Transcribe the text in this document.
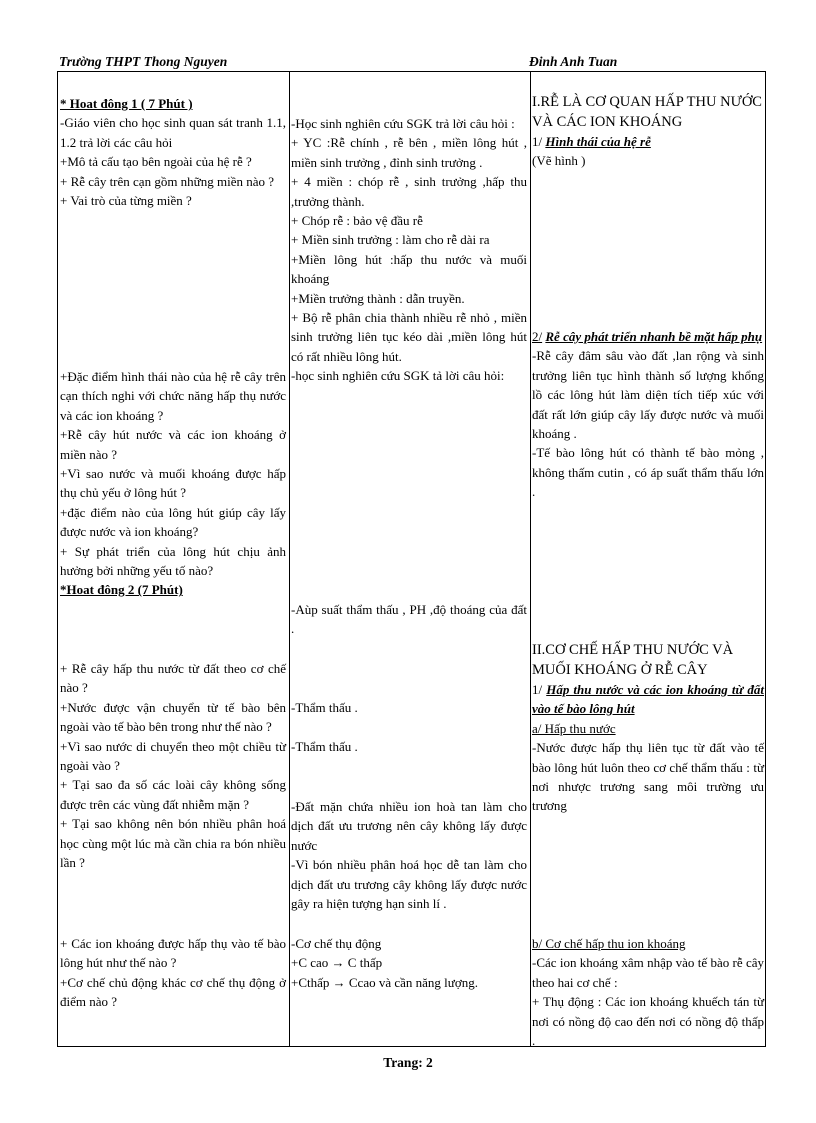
Trường THPT Thong Nguyen	Đinh Anh Tuan

* Hoat đông 1 ( 7 Phút )

-Giáo viên cho học sinh quan sát tranh 1.1, 1.2 trả lời các câu hỏi

+Mô tả cấu tạo bên ngoài của hệ rễ ?

+ Rễ cây trên cạn gồm những miền nào ?

+ Vai trò của từng miền ?

+Đặc điểm hình thái nào của hệ rễ cây trên cạn thích nghi với chức năng hấp thụ nước và các ion khoáng ?

+Rễ cây hút nước và các ion khoáng ở miền nào ?

+Vì sao nước và muối khoáng được hấp thụ chủ yếu ở lông hút ?

+đặc điểm nào của lông hút giúp cây lấy được nước và ion khoáng?

+ Sự phát triển của lông hút chịu ảnh hưởng bởi những yếu tố nào?

*Hoat đông 2 (7 Phút)

+ Rễ cây hấp thu nước từ đất theo cơ chế nào ?

+Nước được vận chuyển từ tế bào bên ngoài vào tế bào bên trong như thế nào ?

+Vì sao nước di chuyển theo một chiều từ ngoài vào ?

+ Tại sao đa số các loài cây không sống được trên các vùng đất nhiễm mặn ?

+ Tại sao không nên bón nhiều phân hoá học cùng một lúc mà cần chia ra bón nhiều lần ?

+ Các ion khoáng được hấp thụ vào tế bào lông hút như thế nào ?

+Cơ chế chủ động khác cơ chế thụ động ở điểm nào ?

-Học sinh nghiên cứu SGK trả lời câu hỏi :

+ YC :Rễ chính , rễ bên , miền lông hút , miền sinh trưởng , đỉnh sinh trưởng .

+ 4 miền : chóp rễ , sinh trưởng ,hấp thu ,trưởng thành.

+ Chóp rễ : bảo vệ đầu rễ

+ Miền sinh trưởng : làm cho rễ dài ra

+Miền lông hút :hấp thu nước và muối khoáng

+Miền trưởng thành : dẫn truyền.

+ Bộ rễ phân chia thành nhiều rễ nhỏ , miền sinh trưởng liên tục kéo dài ,miền lông hút có rất nhiều lông hút.

-học sinh nghiên cứu SGK tả lời câu hỏi:

-Aùp suất thẩm thấu , PH ,độ thoáng của đất .

-Thẩm thấu .

-Thẩm thấu .

-Đất mặn chứa nhiều ion hoà tan làm cho dịch đất ưu trương nên cây không lấy được nước

-Vì bón nhiều phân hoá học dễ tan làm cho dịch đất ưu trương cây không lấy được nước gây ra hiện tượng hạn sinh lí .

-Cơ chế thụ động

+C cao → C thấp

+Cthấp → Ccao và cần năng lượng.

I.RỄ LÀ CƠ QUAN HẤP THU NƯỚC VÀ CÁC ION KHOÁNG

1/ Hình thái của hệ rễ

(Vẽ hình )

2/ Rễ cây phát triển nhanh bề mặt hấp phụ

-Rễ cây đâm sâu vào đất ,lan rộng và sinh trưởng liên tục hình thành số lượng khổng lồ các lông hút làm diện tích tiếp xúc với đất rất lớn giúp cây lấy được nước và muối khoáng .

-Tế bào lông hút có thành tế bào mỏng , không thấm cutin , có áp suất thẩm thấu lớn .

II.CƠ CHẾ HẤP THU NƯỚC VÀ MUỐI KHOÁNG Ở RỄ CÂY

1/ Hấp thu nước và các ion khoáng từ đất vào tế bào lông hút

a/ Hấp thu nước

-Nước được hấp thụ liên tục từ đất vào tế bào lông hút luôn theo cơ chế thẩm thấu : từ nơi nhược trương sang môi trường ưu trương

b/ Cơ chế hấp thu ion khoáng

-Các ion khoáng xâm nhập vào tế bào rễ cây theo hai cơ chế :

+ Thụ động : Các ion khoáng khuếch tán từ nơi có nồng độ cao đến nơi có nồng độ thấp .

Trang: 2
